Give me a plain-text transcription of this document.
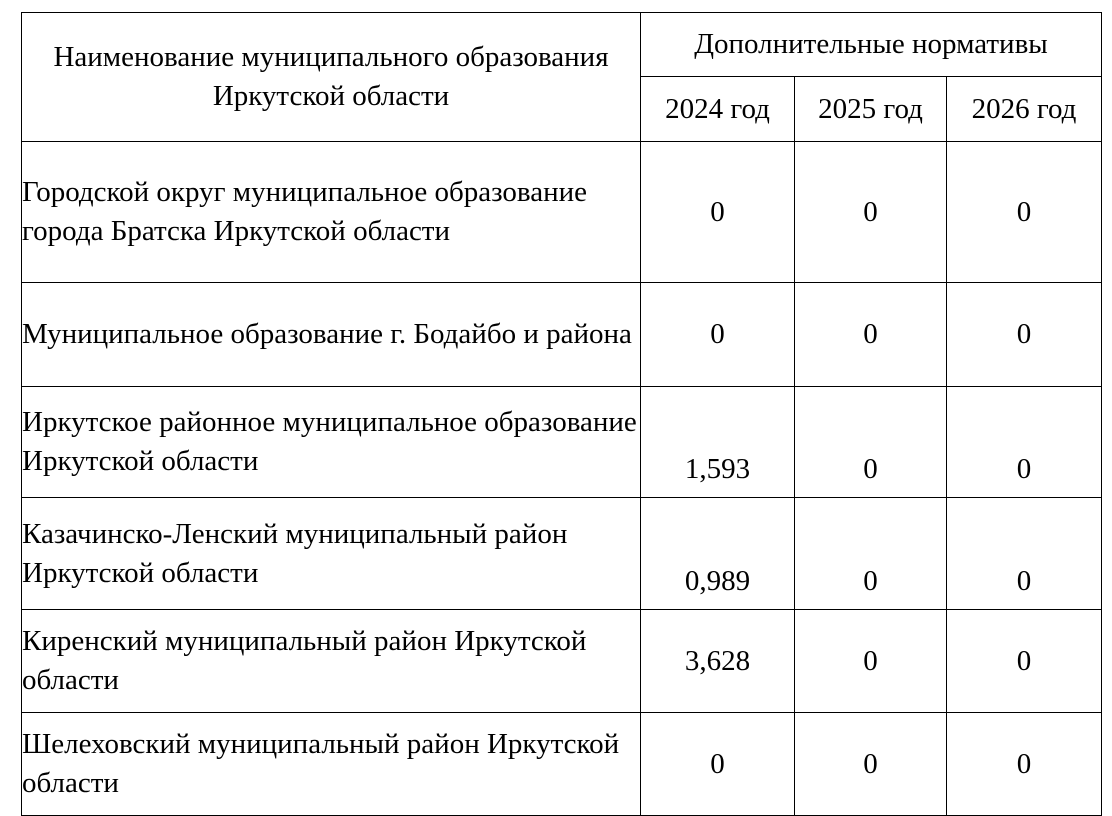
Наименование муниципального образования Иркутской области	Дополнительные нормативы		
	2024 год	2025 год	2026 год
Городской округ муниципальное образование города Братска Иркутской области	0	0	0
Муниципальное образование г. Бодайбо и района	0	0	0
Иркутское районное муниципальное образование Иркутской области	1,593	0	0
Казачинско-Ленский муниципальный район Иркутской области	0,989	0	0
Киренский муниципальный район Иркутской области	3,628	0	0
Шелеховский муниципальный район Иркутской области	0	0	0
